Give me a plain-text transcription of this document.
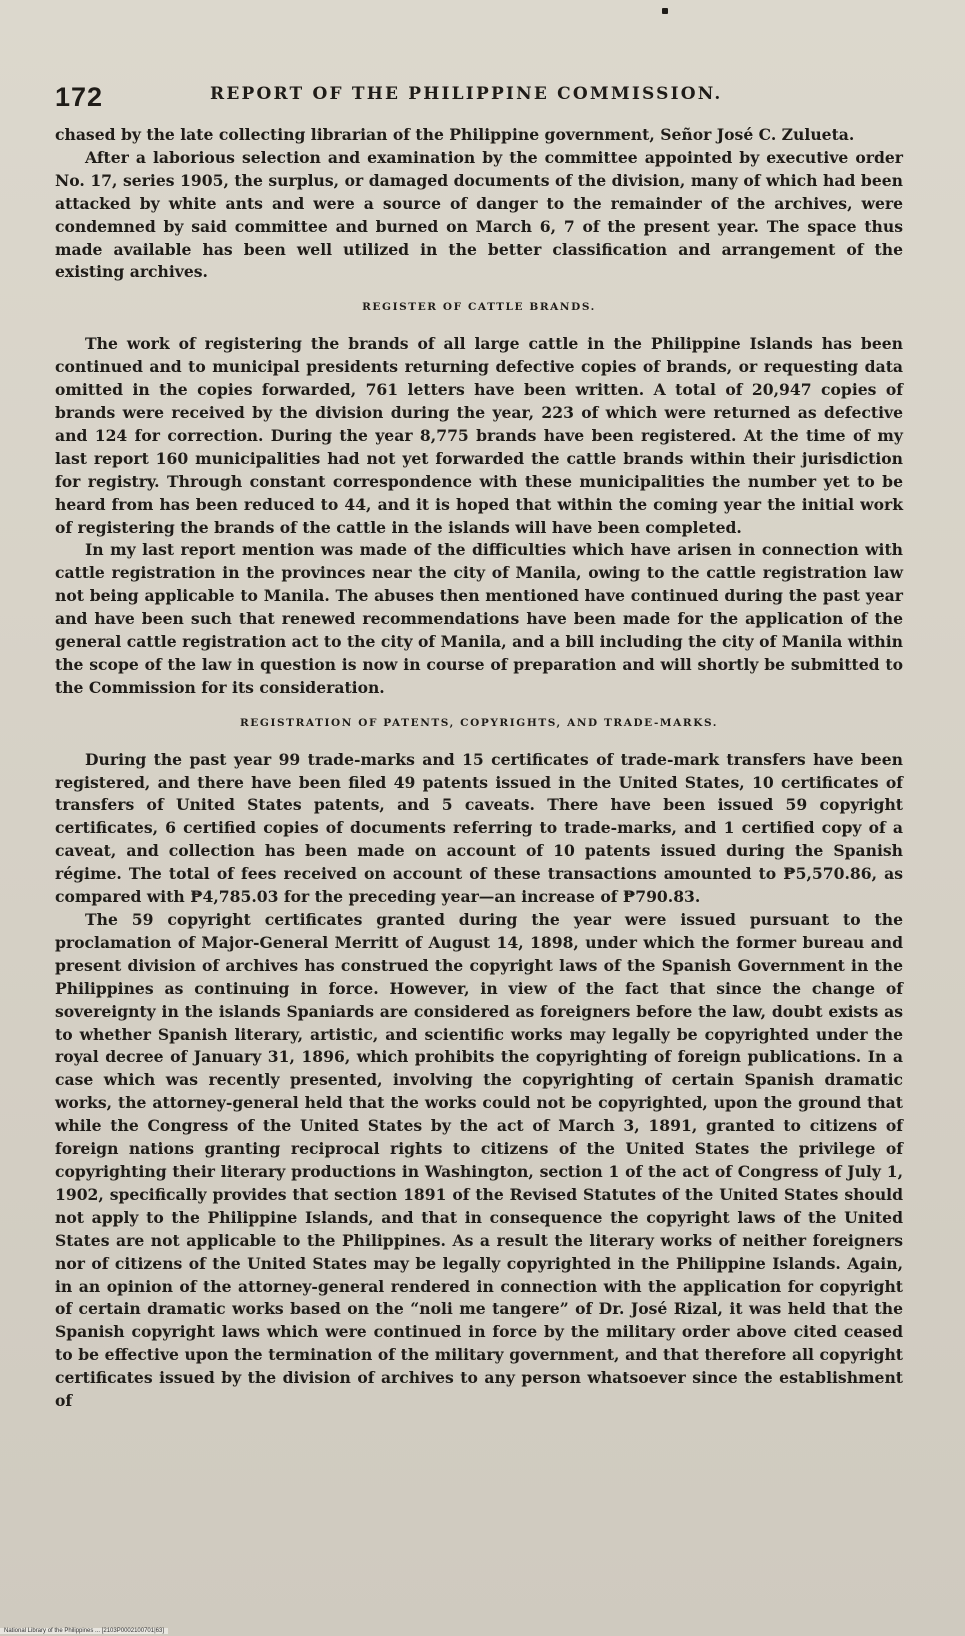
172	REPORT OF THE PHILIPPINE COMMISSION.

chased by the late collecting librarian of the Philippine government, Señor José C. Zulueta.

After a laborious selection and examination by the committee appointed by executive order No. 17, series 1905, the surplus, or damaged documents of the division, many of which had been attacked by white ants and were a source of danger to the remainder of the archives, were condemned by said committee and burned on March 6, 7 of the present year. The space thus made available has been well utilized in the better classification and arrangement of the existing archives.

REGISTER OF CATTLE BRANDS.

The work of registering the brands of all large cattle in the Philippine Islands has been continued and to municipal presidents returning defective copies of brands, or requesting data omitted in the copies forwarded, 761 letters have been written. A total of 20,947 copies of brands were received by the division during the year, 223 of which were returned as defective and 124 for correction. During the year 8,775 brands have been registered. At the time of my last report 160 municipalities had not yet forwarded the cattle brands within their jurisdiction for registry. Through constant correspondence with these municipalities the number yet to be heard from has been reduced to 44, and it is hoped that within the coming year the initial work of registering the brands of the cattle in the islands will have been completed.

In my last report mention was made of the difficulties which have arisen in connection with cattle registration in the provinces near the city of Manila, owing to the cattle registration law not being applicable to Manila. The abuses then mentioned have continued during the past year and have been such that renewed recommendations have been made for the application of the general cattle registration act to the city of Manila, and a bill including the city of Manila within the scope of the law in question is now in course of preparation and will shortly be submitted to the Commission for its consideration.

REGISTRATION OF PATENTS, COPYRIGHTS, AND TRADE-MARKS.

During the past year 99 trade-marks and 15 certificates of trade-mark transfers have been registered, and there have been filed 49 patents issued in the United States, 10 certificates of transfers of United States patents, and 5 caveats. There have been issued 59 copyright certificates, 6 certified copies of documents referring to trade-marks, and 1 certified copy of a caveat, and collection has been made on account of 10 patents issued during the Spanish régime. The total of fees received on account of these transactions amounted to ₱5,570.86, as compared with ₱4,785.03 for the preceding year—an increase of ₱790.83.

The 59 copyright certificates granted during the year were issued pursuant to the proclamation of Major-General Merritt of August 14, 1898, under which the former bureau and present division of archives has construed the copyright laws of the Spanish Government in the Philippines as continuing in force. However, in view of the fact that since the change of sovereignty in the islands Spaniards are considered as foreigners before the law, doubt exists as to whether Spanish literary, artistic, and scientific works may legally be copyrighted under the royal decree of January 31, 1896, which prohibits the copyrighting of foreign publications. In a case which was recently presented, involving the copyrighting of certain Spanish dramatic works, the attorney-general held that the works could not be copyrighted, upon the ground that while the Congress of the United States by the act of March 3, 1891, granted to citizens of foreign nations granting reciprocal rights to citizens of the United States the privilege of copyrighting their literary productions in Washington, section 1 of the act of Congress of July 1, 1902, specifically provides that section 1891 of the Revised Statutes of the United States should not apply to the Philippine Islands, and that in consequence the copyright laws of the United States are not applicable to the Philippines. As a result the literary works of neither foreigners nor of citizens of the United States may be legally copyrighted in the Philippine Islands. Again, in an opinion of the attorney-general rendered in connection with the application for copyright of certain dramatic works based on the “noli me tangere” of Dr. José Rizal, it was held that the Spanish copyright laws which were continued in force by the military order above cited ceased to be effective upon the termination of the military government, and that therefore all copyright certificates issued by the division of archives to any person whatsoever since the establishment of

National Library of the Philippines ... [2103P0002100701|63]
